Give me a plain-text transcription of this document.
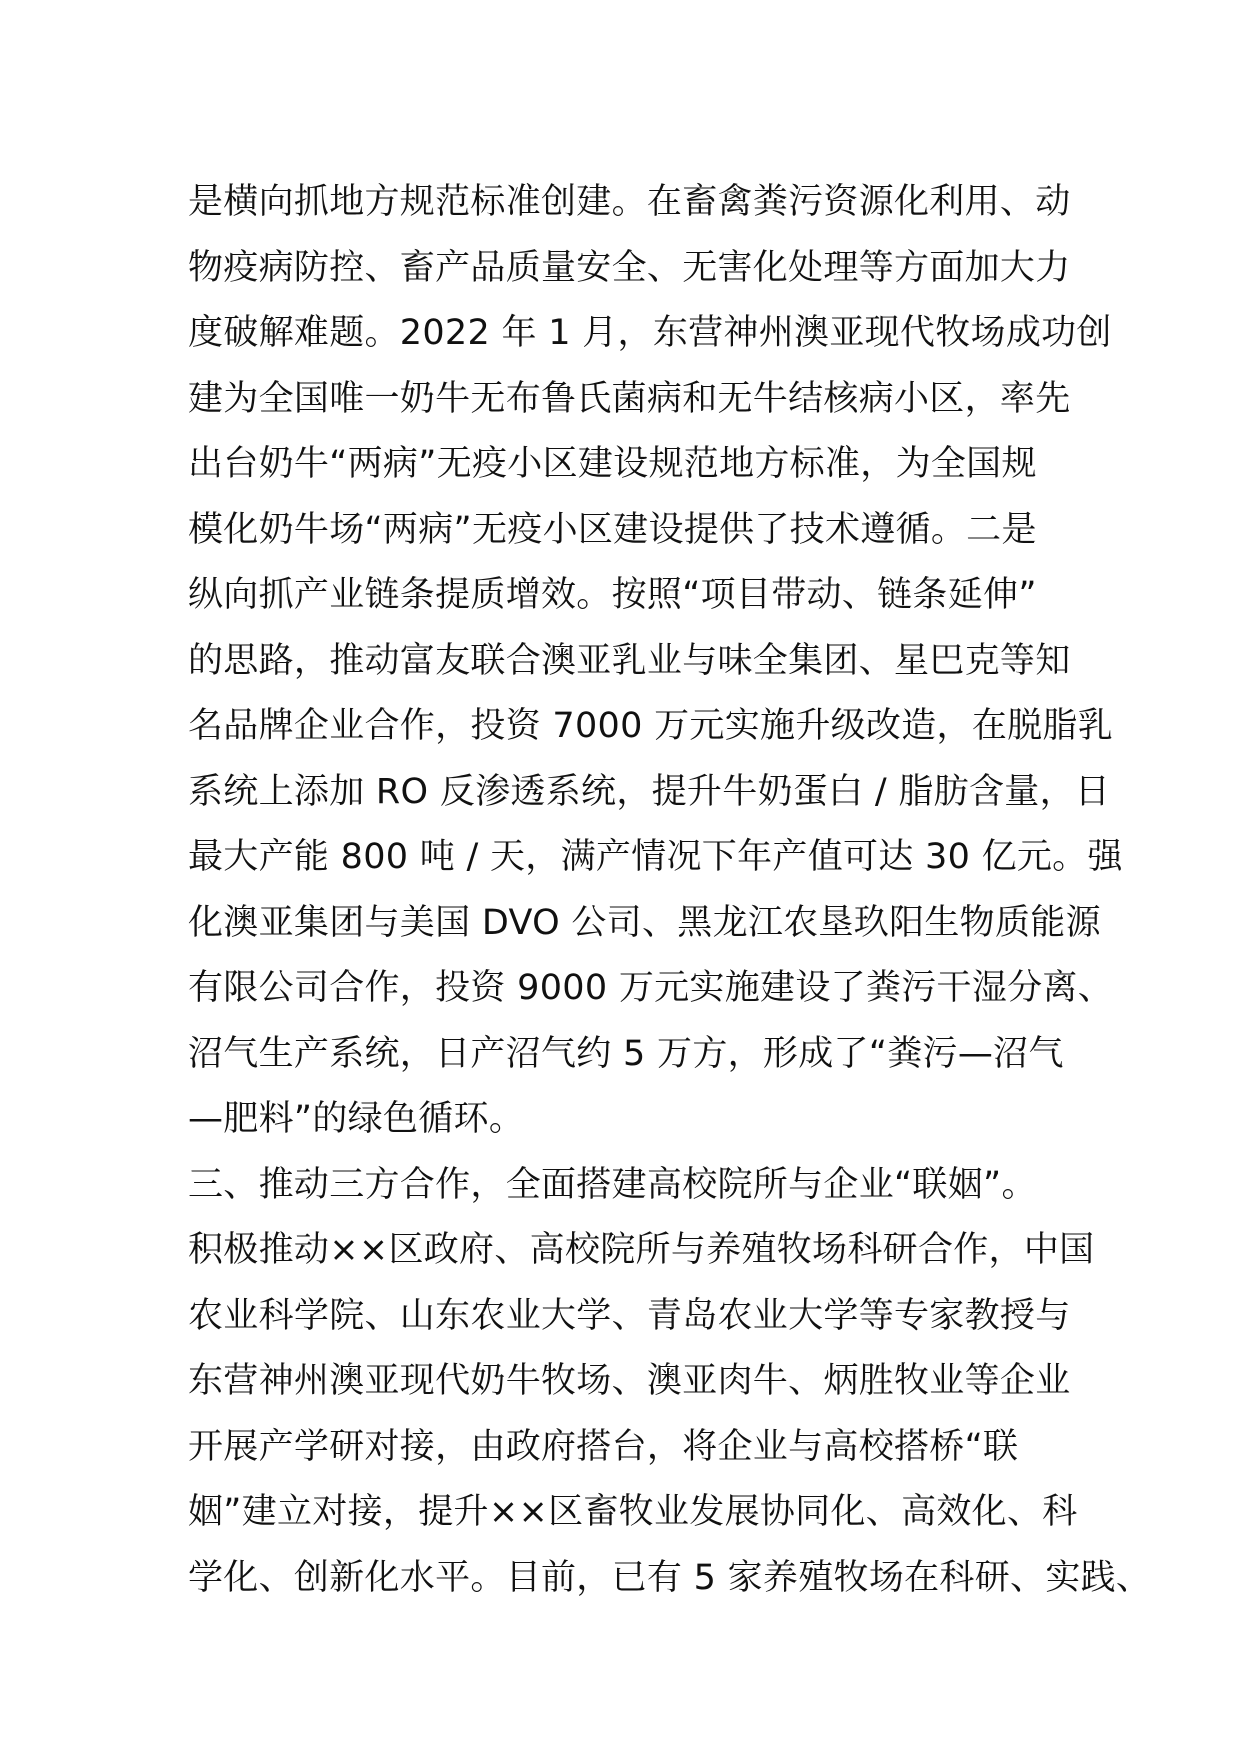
是横向抓地方规范标准创建。在畜禽粪污资源化利用、动
物疫病防控、畜产品质量安全、无害化处理等方面加大力
度破解难题。2022 年 1 月，东营神州澳亚现代牧场成功创
建为全国唯一奶牛无布鲁氏菌病和无牛结核病小区，率先
出台奶牛“两病”无疫小区建设规范地方标准，为全国规
模化奶牛场“两病”无疫小区建设提供了技术遵循。二是
纵向抓产业链条提质增效。按照“项目带动、链条延伸”
的思路，推动富友联合澳亚乳业与味全集团、星巴克等知
名品牌企业合作，投资 7000 万元实施升级改造，在脱脂乳
系统上添加 RO 反渗透系统，提升牛奶蛋白 / 脂肪含量，日
最大产能 800 吨 / 天，满产情况下年产值可达 30 亿元。强
化澳亚集团与美国 DVO 公司、黑龙江农垦玖阳生物质能源
有限公司合作，投资 9000 万元实施建设了粪污干湿分离、
沼气生产系统，日产沼气约 5 万方，形成了“粪污—沼气
—肥料”的绿色循环。
三、推动三方合作，全面搭建高校院所与企业“联姻”。
积极推动××区政府、高校院所与养殖牧场科研合作，中国
农业科学院、山东农业大学、青岛农业大学等专家教授与
东营神州澳亚现代奶牛牧场、澳亚肉牛、炳胜牧业等企业
开展产学研对接，由政府搭台，将企业与高校搭桥“联
姻”建立对接，提升××区畜牧业发展协同化、高效化、科
学化、创新化水平。目前，已有 5 家养殖牧场在科研、实践、
